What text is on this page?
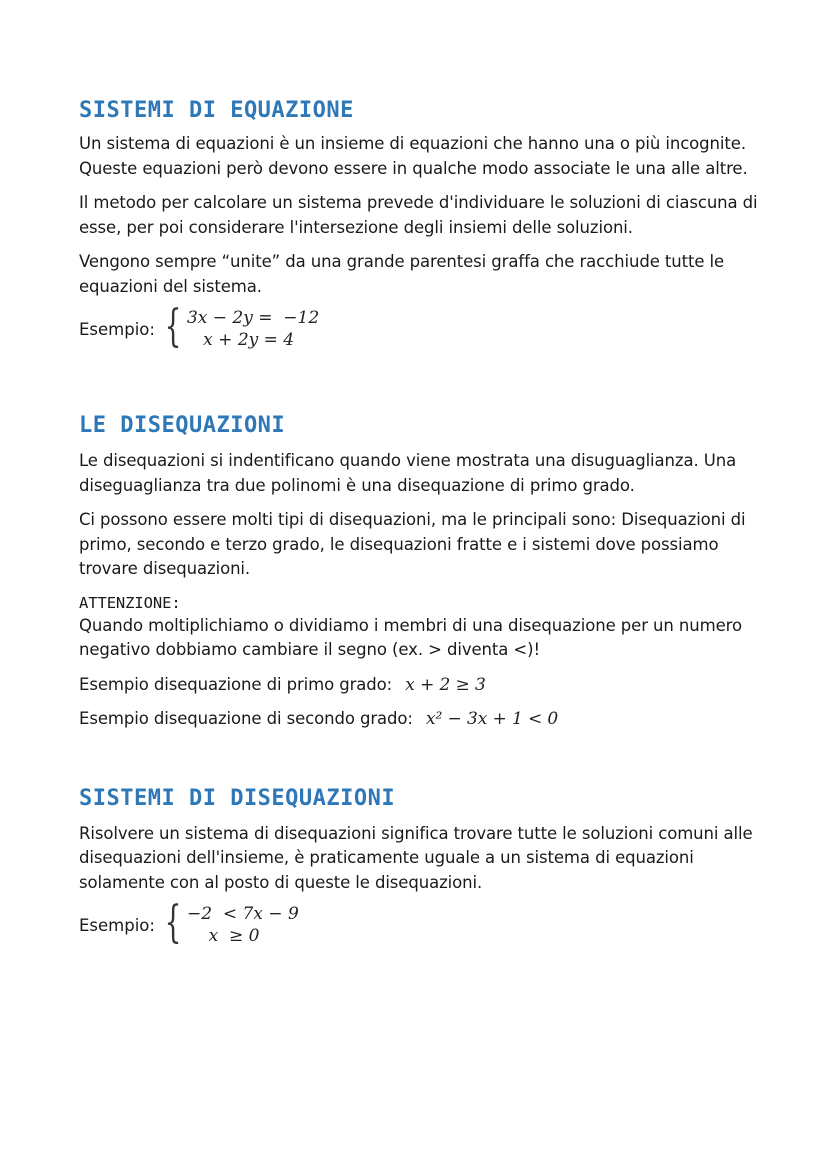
SISTEMI DI EQUAZIONE

Un sistema di equazioni è un insieme di equazioni che hanno una o più incognite. Queste equazioni però devono essere in qualche modo associate le una alle altre.

Il metodo per calcolare un sistema prevede d'individuare le soluzioni di ciascuna di esse, per poi considerare l'intersezione degli insiemi delle soluzioni.

Vengono sempre “unite” da una grande parentesi graffa che racchiude tutte le equazioni del sistema.

Esempio: { 3x − 2y =  −12
x + 2y = 4
LE DISEQUAZIONI

Le disequazioni si indentificano quando viene mostrata una disuguaglianza. Una diseguaglianza tra due polinomi è una disequazione di primo grado.

Ci possono essere molti tipi di disequazioni, ma le principali sono: Disequazioni di primo, secondo e terzo grado, le disequazioni fratte e i sistemi dove possiamo trovare disequazioni.

ATTENZIONE:

Quando moltiplichiamo o dividiamo i membri di una disequazione per un numero negativo dobbiamo cambiare il segno (ex. > diventa <)!

Esempio disequazione di primo grado: x + 2 ≥ 3

Esempio disequazione di secondo grado: x² − 3x + 1 < 0

SISTEMI DI DISEQUAZIONI

Risolvere un sistema di disequazioni significa trovare tutte le soluzioni comuni alle disequazioni dell'insieme, è praticamente uguale a un sistema di equazioni solamente con al posto di queste le disequazioni.

Esempio: { −2  < 7x − 9
x  ≥ 0
